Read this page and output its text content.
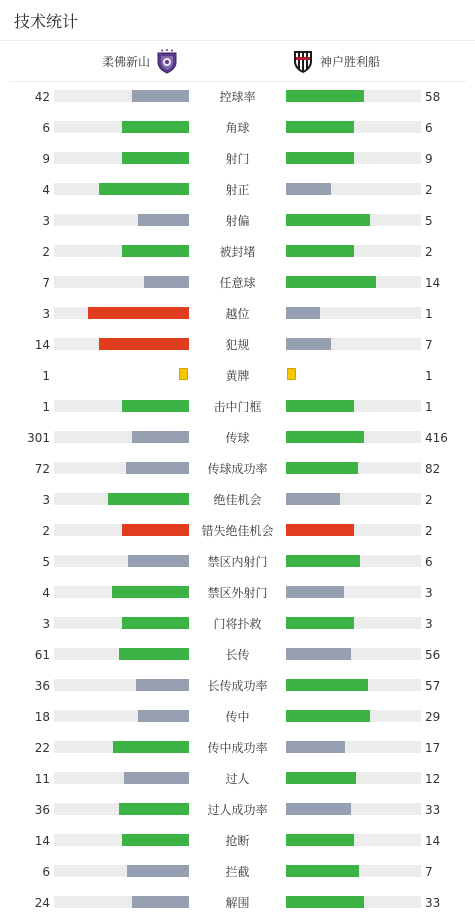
技术统计
柔佛新山	神户胜利船
42	控球率	58
6	角球	6
9	射门	9
4	射正	2
3	射偏	5
2	被封堵	2
7	任意球	14
3	越位	1
14	犯规	7
1	黄牌	1
1	击中门框	1
301	传球	416
72	传球成功率	82
3	绝佳机会	2
2	错失绝佳机会	2
5	禁区内射门	6
4	禁区外射门	3
3	门将扑救	3
61	长传	56
36	长传成功率	57
18	传中	29
22	传中成功率	17
11	过人	12
36	过人成功率	33
14	抢断	14
6	拦截	7
24	解围	33
